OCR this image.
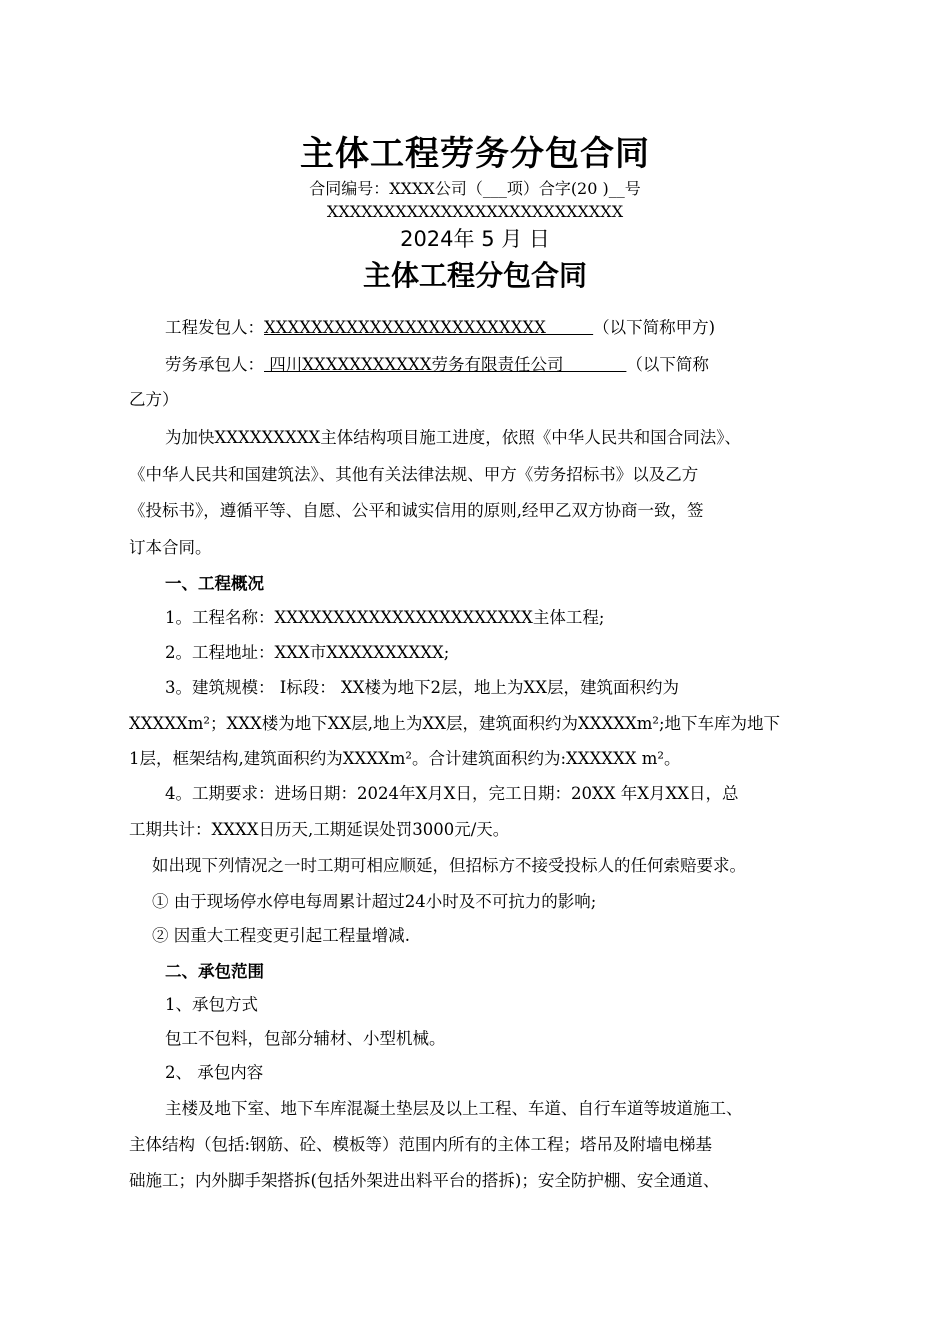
主体工程劳务分包合同
合同编号：XXXX公司（___项）合字(20 )__号
XXXXXXXXXXXXXXXXXXXXXXXXXX
2024年 5 月 日
主体工程分包合同
工程发包人：XXXXXXXXXXXXXXXXXXXXXXXX         （以下简称甲方)
劳务承包人： 四川XXXXXXXXXXX劳务有限责任公司            （以下简称
乙方）
为加快XXXXXXXXX主体结构项目施工进度，依照《中华人民共和国合同法》、
《中华人民共和国建筑法》、其他有关法律法规、甲方《劳务招标书》以及乙方
《投标书》，遵循平等、自愿、公平和诚实信用的原则,经甲乙双方协商一致，签
订本合同。
一、工程概况
1。工程名称：XXXXXXXXXXXXXXXXXXXXXX主体工程;
2。工程地址：XXX市XXXXXXXXXX;
3。建筑规模： I标段： XX楼为地下2层，地上为XX层，建筑面积约为
XXXXXm²；XXX楼为地下XX层,地上为XX层，建筑面积约为XXXXXm²;地下车库为地下
1层，框架结构,建筑面积约为XXXXm²。合计建筑面积约为:XXXXXX m²。
4。工期要求：进场日期：2024年X月X日，完工日期：20XX 年X月XX日，总
工期共计：XXXX日历天,工期延误处罚3000元/天。
如出现下列情况之一时工期可相应顺延，但招标方不接受投标人的任何索赔要求。
① 由于现场停水停电每周累计超过24小时及不可抗力的影响;
② 因重大工程变更引起工程量增减.
二、承包范围
1、承包方式
包工不包料，包部分辅材、小型机械。
2、 承包内容
主楼及地下室、地下车库混凝土垫层及以上工程、车道、自行车道等坡道施工、
主体结构（包括:钢筋、砼、模板等）范围内所有的主体工程；塔吊及附墙电梯基
础施工；内外脚手架搭拆(包括外架进出料平台的搭拆)；安全防护棚、安全通道、
